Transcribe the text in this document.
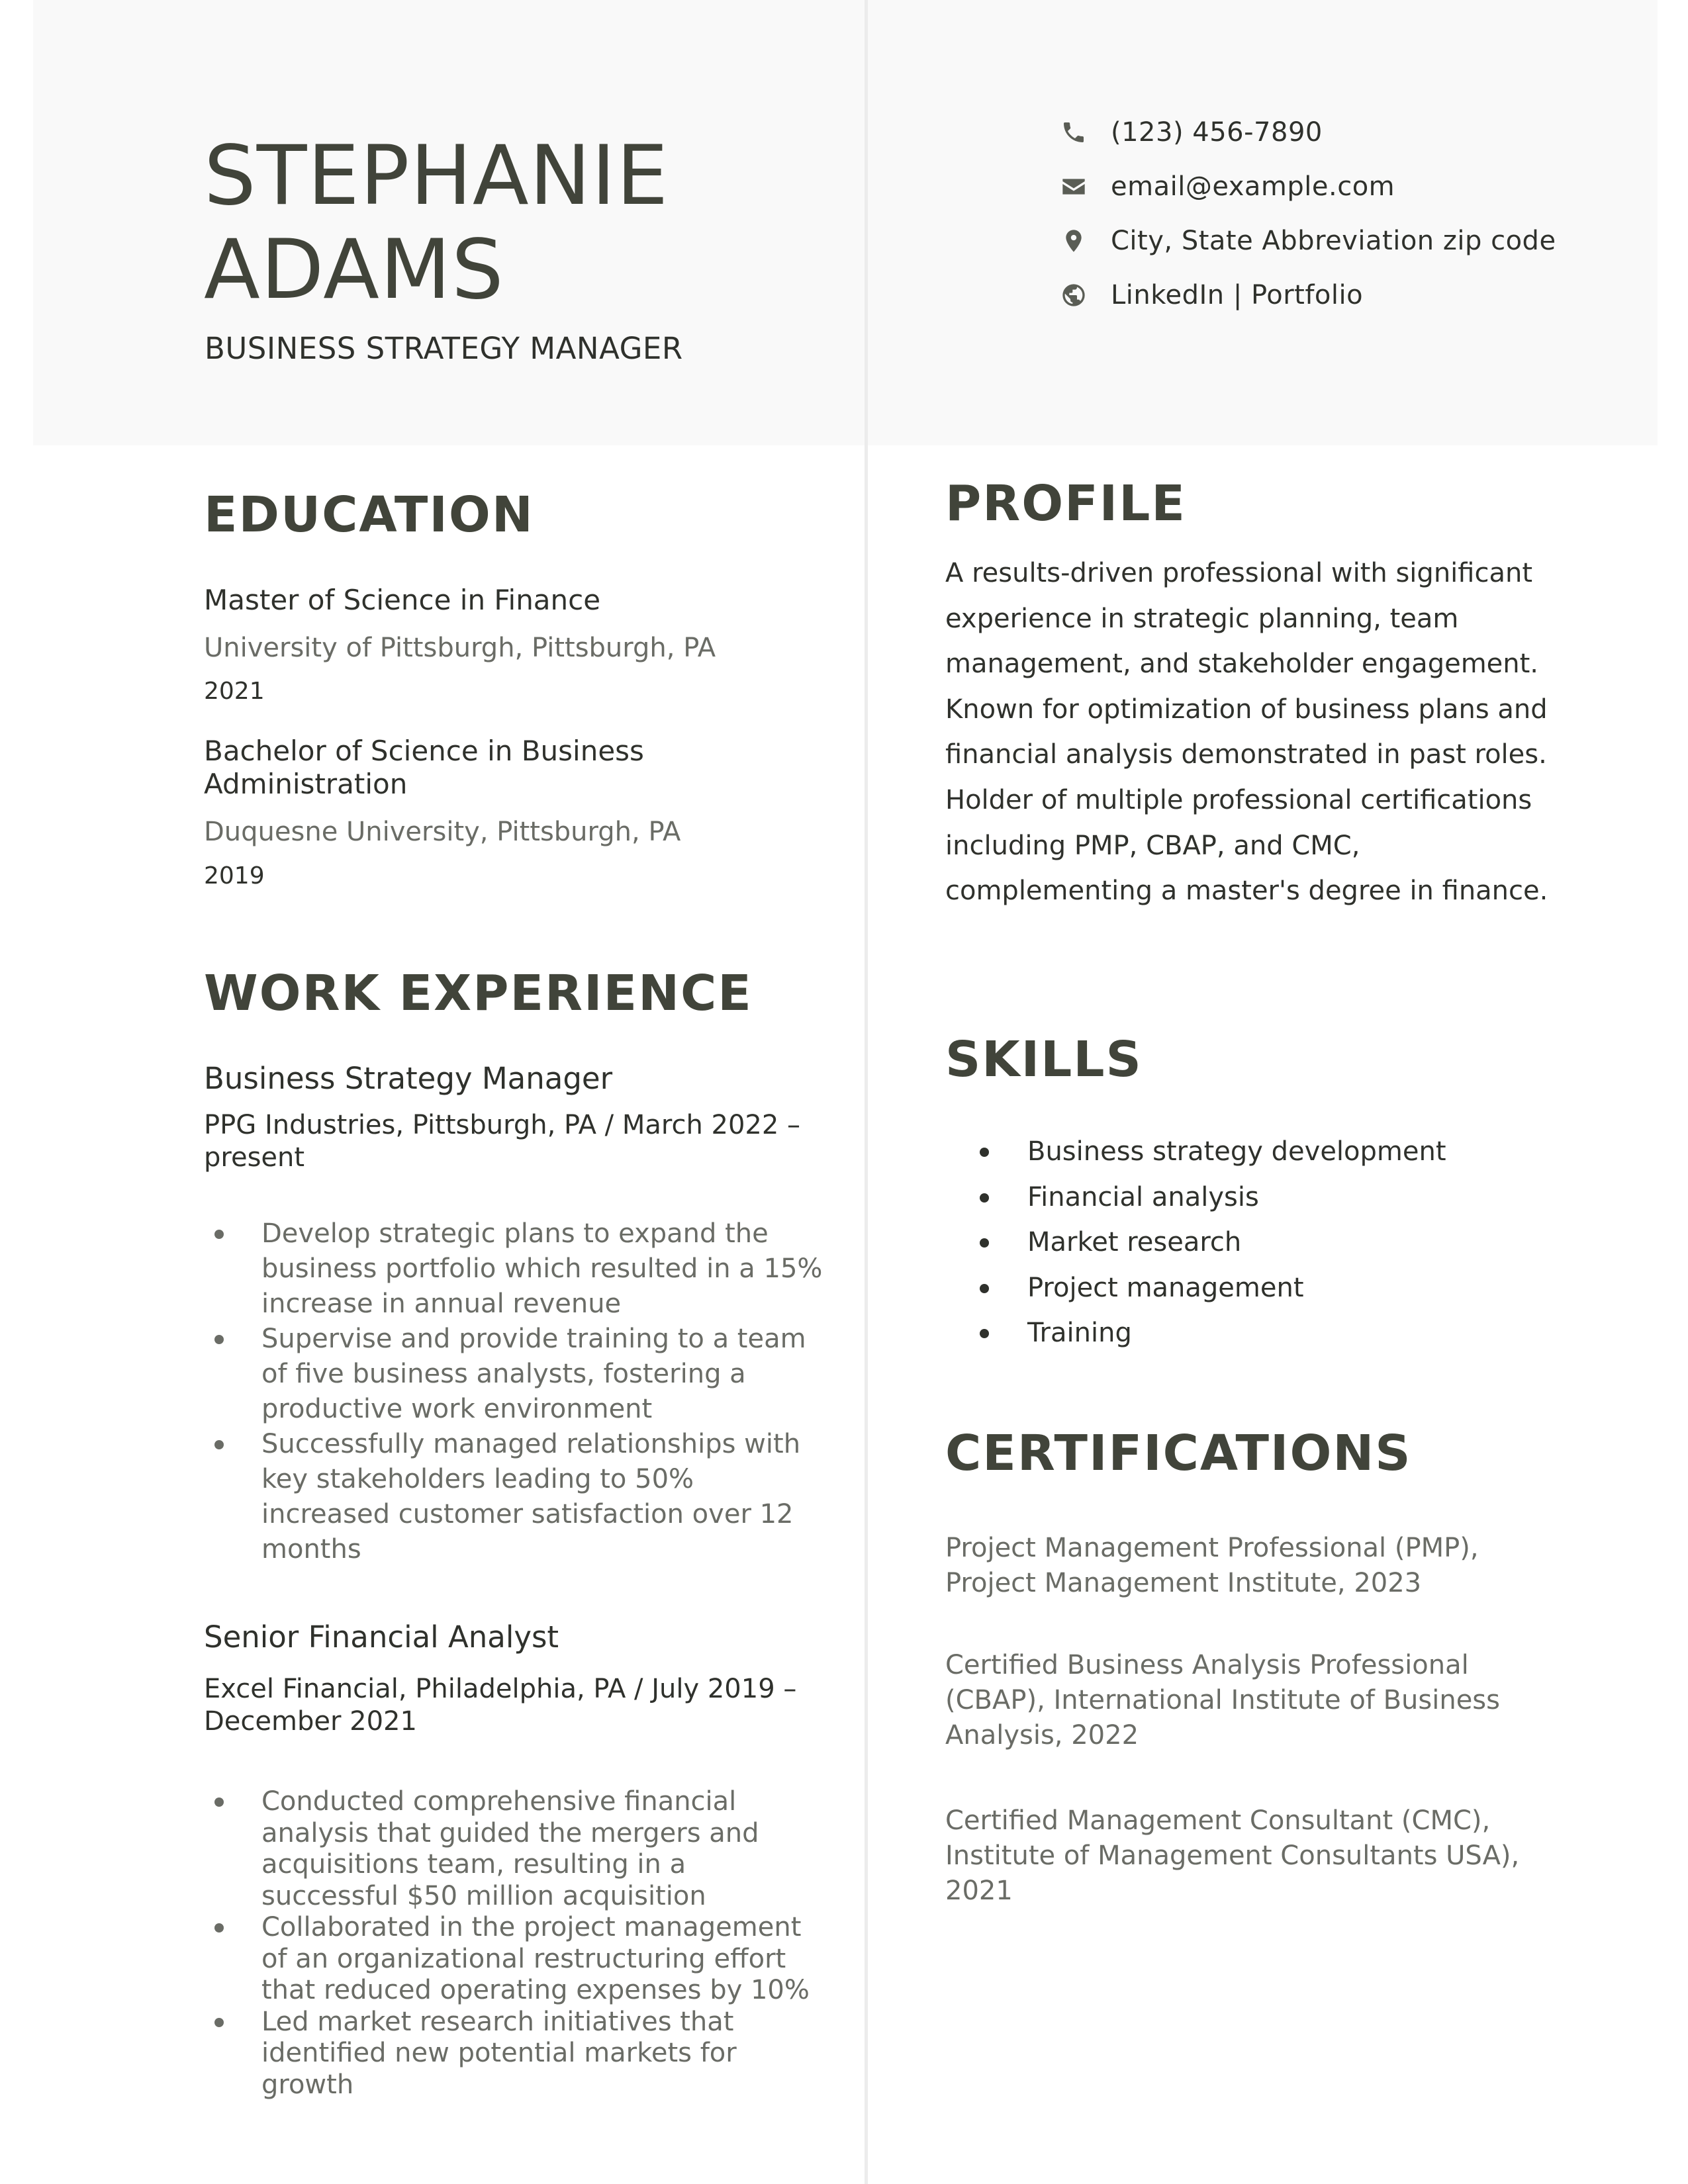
STEPHANIE
ADAMS
BUSINESS STRATEGY MANAGER
(123) 456-7890
email@example.com
City, State Abbreviation zip code
LinkedIn | Portfolio
EDUCATION
Master of Science in Finance
University of Pittsburgh, Pittsburgh, PA
2021
Bachelor of Science in Business Administration
Duquesne University, Pittsburgh, PA
2019
WORK EXPERIENCE
Business Strategy Manager
PPG Industries, Pittsburgh, PA / March 2022 – present
Develop strategic plans to expand the business portfolio which resulted in a 15% increase in annual revenue
Supervise and provide training to a team of five business analysts, fostering a productive work environment
Successfully managed relationships with key stakeholders leading to 50% increased customer satisfaction over 12 months
Senior Financial Analyst
Excel Financial, Philadelphia, PA / July 2019 – December 2021
Conducted comprehensive financial analysis that guided the mergers and acquisitions team, resulting in a successful $50 million acquisition
Collaborated in the project management of an organizational restructuring effort that reduced operating expenses by 10%
Led market research initiatives that identified new potential markets for growth
PROFILE
A results-driven professional with significant experience in strategic planning, team management, and stakeholder engagement. Known for optimization of business plans and financial analysis demonstrated in past roles. Holder of multiple professional certifications including PMP, CBAP, and CMC, complementing a master's degree in finance.
SKILLS
Business strategy development
Financial analysis
Market research
Project management
Training
CERTIFICATIONS
Project Management Professional (PMP), Project Management Institute, 2023
Certified Business Analysis Professional (CBAP), International Institute of Business Analysis, 2022
Certified Management Consultant (CMC), Institute of Management Consultants USA), 2021
